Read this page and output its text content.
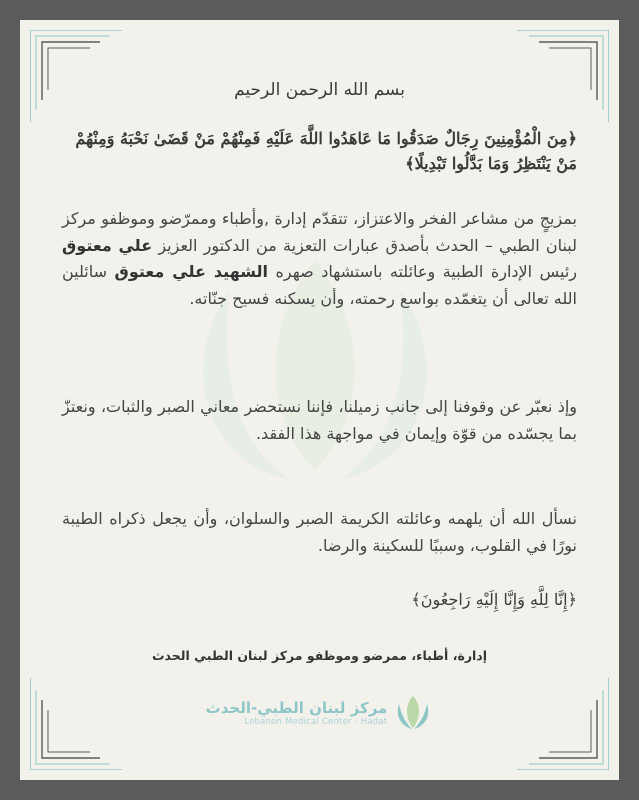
بسم الله الرحمن الرحيم
﴿مِنَ الْمُؤْمِنِينَ رِجَالٌ صَدَقُوا مَا عَاهَدُوا اللَّهَ عَلَيْهِ فَمِنْهُمْ مَنْ قَضَىٰ نَحْبَهُ وَمِنْهُمْ مَنْ يَنْتَظِرُ وَمَا بَدَّلُوا تَبْدِيلًا﴾
بمزيجٍ من مشاعر الفخر والاعتزاز، تتقدّم إدارة ,وأطباء وممرّضو وموظفو مركز لبنان الطبي – الحدث بأصدق عبارات التعزية من الدكتور العزيز علي معتوق رئيس الإدارة الطبية وعائلته باستشهاد صهره الشهيد علي معتوق سائلين الله تعالى أن يتغمّده بواسع رحمته، وأن يسكنه فسيح جنّاته.
وإذ نعبّر عن وقوفنا إلى جانب زميلنا، فإننا نستحضر معاني الصبر والثبات، ونعتزّ بما يجسّده من قوّة وإيمان في مواجهة هذا الفقد.
نسأل الله أن يلهمه وعائلته الكريمة الصبر والسلوان، وأن يجعل ذكراه الطيبة نورًا في القلوب، وسببًا للسكينة والرضا.
﴿إِنَّا لِلَّهِ وَإِنَّا إِلَيْهِ رَاجِعُونَ﴾
إدارة، أطباء، ممرضو وموظفو مركز لبنان الطبي الحدث
مركز لبنان الطبي-الحدث
Lebanon Medical Center - Hadat
